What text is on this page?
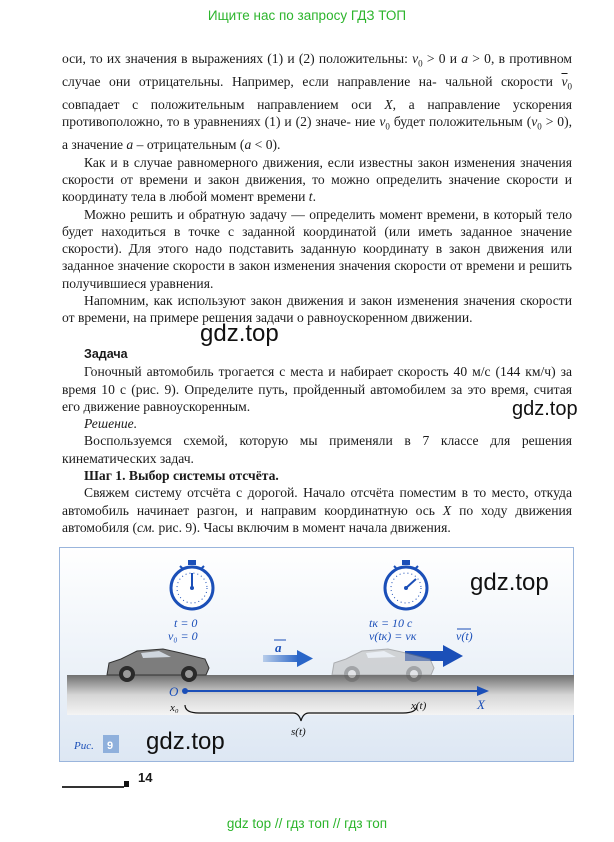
Ищите нас по запросу ГДЗ ТОП

оси, то их значения в выражениях (1) и (2) положительны: $v_0 > 0$ и a > 0, в противном случае они отрицательны. Например, если направление на- чальной скорости $\overline{v}_0$ совпадает с положительным направлением оси X, а направление ускорения противоположно, то в уравнениях (1) и (2) значе- ние $v_0$ будет положительным $(v_0 > 0)$, а значение a – отрицательным (a < 0).

Как и в случае равномерного движения, если известны закон изменения значения скорости от времени и закон движения, то можно определить значение скорости и координату тела в любой момент времени t.

Можно решить и обратную задачу — определить момент времени, в который тело будет находиться в точке с заданной координатой (или иметь заданное значение скорости). Для этого надо подставить заданную координату в закон движения или заданное значение скорости в закон изменения значения скорости от времени и решить получившиеся уравнения.

Напомним, как используют закон движения и закон изменения значения скорости от времени, на примере решения задачи о равноускоренном движении.

gdz.top

Задача

Гоночный автомобиль трогается с места и набирает скорость 40 м/с (144 км/ч) за время 10 с (рис. 9). Определите путь, пройденный автомобилем за это время, считая его движение равноускоренным.

Решение.

Воспользуемся схемой, которую мы применяли в 7 классе для решения кинематических задач.

Шаг 1. Выбор системы отсчёта.

Свяжем систему отсчёта с дорогой. Начало отсчёта поместим в то место, откуда автомобиль начинает разгон, и направим координатную ось X по ходу движения автомобиля (см. рис. 9). Часы включим в момент начала движения.

gdz.top
t = 0
v₀ = 0
tк = 10 с
v(tк) = vк
a
v(t)
O
X
x₀	x(t)
s(t)
Рис. 9
gdz.top
gdz.top
14
gdz top // гдз топ // гдз топ
